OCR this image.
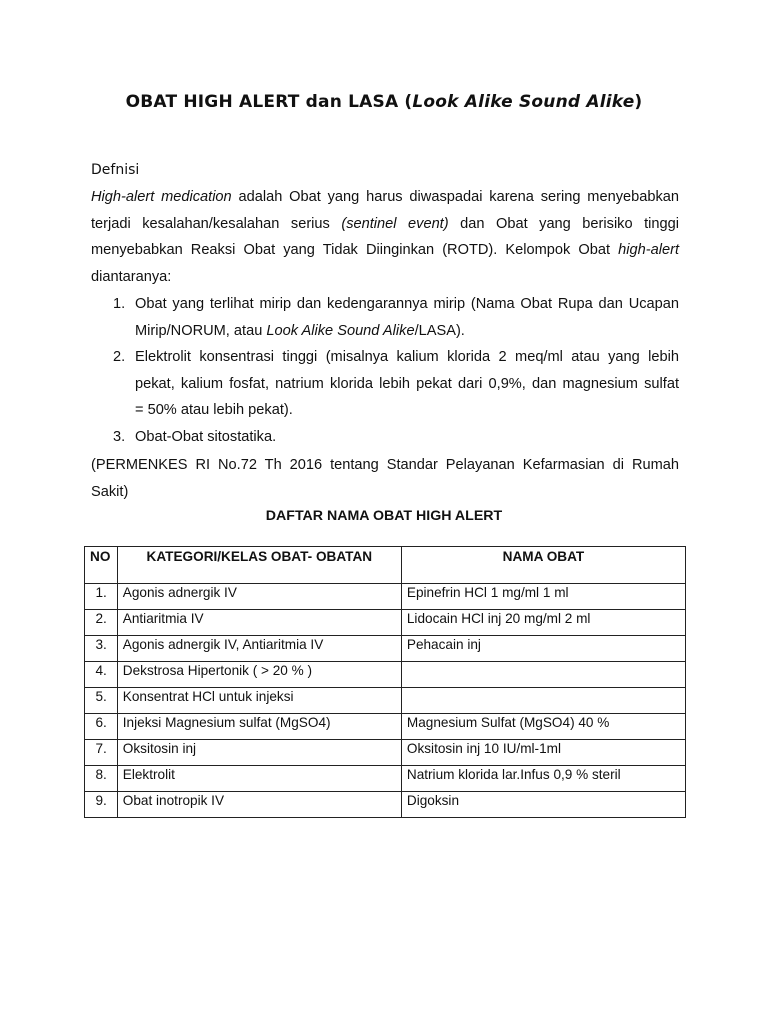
OBAT HIGH ALERT dan LASA (Look Alike Sound Alike)
Defnisi
High-alert medication adalah Obat yang harus diwaspadai karena sering menyebabkan
terjadi kesalahan/kesalahan serius (sentinel event) dan Obat yang berisiko tinggi
menyebabkan Reaksi Obat yang Tidak Diinginkan (ROTD). Kelompok Obat high-alert
diantaranya:
1. Obat yang terlihat mirip dan kedengarannya mirip (Nama Obat Rupa dan Ucapan
Mirip/NORUM, atau Look Alike Sound Alike/LASA).
2. Elektrolit konsentrasi tinggi (misalnya kalium klorida 2 meq/ml atau yang lebih
pekat, kalium fosfat, natrium klorida lebih pekat dari 0,9%, dan magnesium sulfat
= 50% atau lebih pekat).
3. Obat-Obat sitostatika.
(PERMENKES RI No.72 Th 2016 tentang Standar Pelayanan Kefarmasian di Rumah
Sakit)
DAFTAR NAMA OBAT HIGH ALERT
NO	KATEGORI/KELAS OBAT- OBATAN	NAMA OBAT
1.	Agonis adnergik IV	Epinefrin HCl 1 mg/ml 1 ml
2.	Antiaritmia IV	Lidocain HCl inj 20 mg/ml 2 ml
3.	Agonis adnergik IV, Antiaritmia IV	Pehacain inj
4.	Dekstrosa Hipertonik ( > 20 % )	
5.	Konsentrat HCl untuk injeksi	
6.	Injeksi Magnesium sulfat (MgSO4)	Magnesium Sulfat (MgSO4) 40 %
7.	Oksitosin inj	Oksitosin inj 10 IU/ml-1ml
8.	Elektrolit	Natrium klorida lar.Infus 0,9 % steril
9.	Obat inotropik IV	Digoksin
